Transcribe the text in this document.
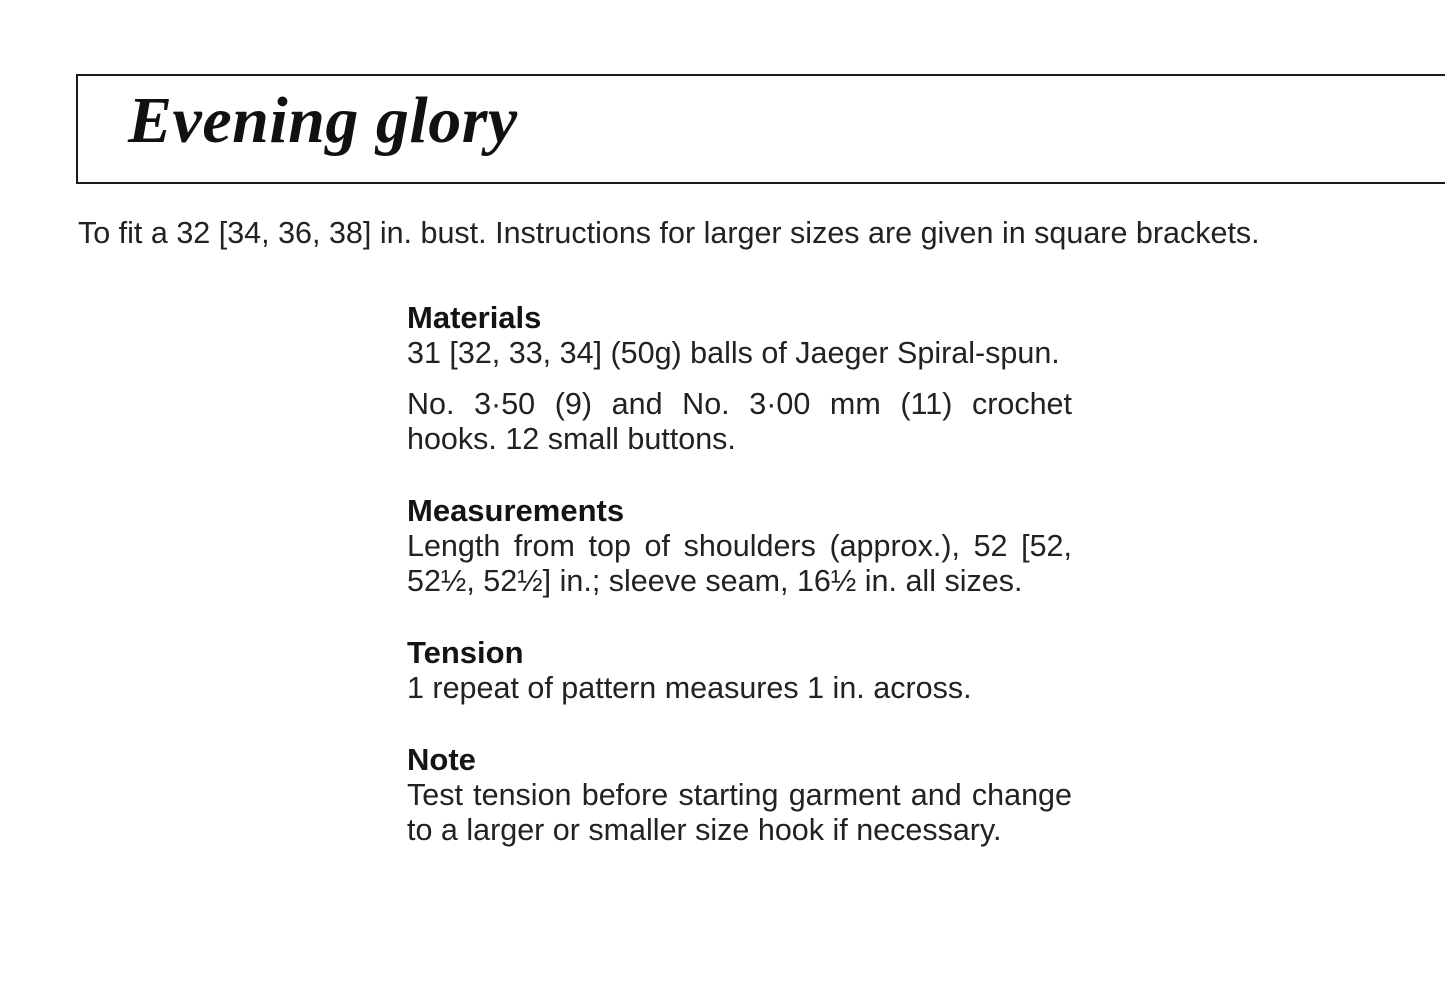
Evening glory

To fit a 32 [34, 36, 38] in. bust. Instructions for larger sizes are given in square brackets.

Materials

31 [32, 33, 34] (50g) balls of Jaeger Spiral-spun.

No. 3·50 (9) and No. 3·00 mm (11) crochet hooks. 12 small buttons.

Measurements

Length from top of shoulders (approx.), 52 [52, 52½, 52½] in.; sleeve seam, 16½ in. all sizes.

Tension

1 repeat of pattern measures 1 in. across.

Note

Test tension before starting garment and change to a larger or smaller size hook if necessary.
